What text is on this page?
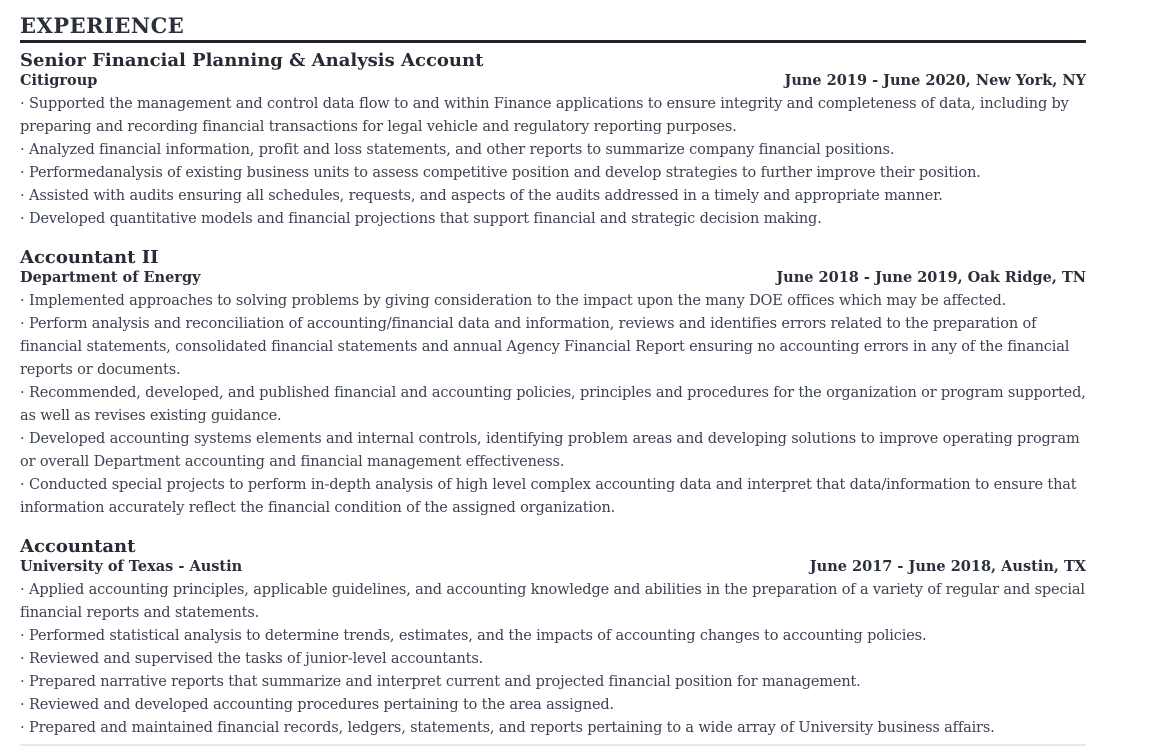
EXPERIENCE
Senior Financial Planning & Analysis Account
Citigroup	June 2019 - June 2020, New York, NY
· Supported the management and control data flow to and within Finance applications to ensure integrity and completeness of data, including by preparing and recording financial transactions for legal vehicle and regulatory reporting purposes.
· Analyzed financial information, profit and loss statements, and other reports to summarize company financial positions.
· Performedanalysis of existing business units to assess competitive position and develop strategies to further improve their position.
· Assisted with audits ensuring all schedules, requests, and aspects of the audits addressed in a timely and appropriate manner.
· Developed quantitative models and financial projections that support financial and strategic decision making.
Accountant II
Department of Energy	June 2018 - June 2019, Oak Ridge, TN
· Implemented approaches to solving problems by giving consideration to the impact upon the many DOE offices which may be affected.
· Perform analysis and reconciliation of accounting/financial data and information, reviews and identifies errors related to the preparation of financial statements, consolidated financial statements and annual Agency Financial Report ensuring no accounting errors in any of the financial reports or documents.
· Recommended, developed, and published financial and accounting policies, principles and procedures for the organization or program supported, as well as revises existing guidance.
· Developed accounting systems elements and internal controls, identifying problem areas and developing solutions to improve operating program or overall Department accounting and financial management effectiveness.
· Conducted special projects to perform in-depth analysis of high level complex accounting data and interpret that data/information to ensure that information accurately reflect the financial condition of the assigned organization.
Accountant
University of Texas - Austin	June 2017 - June 2018, Austin, TX
· Applied accounting principles, applicable guidelines, and accounting knowledge and abilities in the preparation of a variety of regular and special financial reports and statements.
· Performed statistical analysis to determine trends, estimates, and the impacts of accounting changes to accounting policies.
· Reviewed and supervised the tasks of junior-level accountants.
· Prepared narrative reports that summarize and interpret current and projected financial position for management.
· Reviewed and developed accounting procedures pertaining to the area assigned.
· Prepared and maintained financial records, ledgers, statements, and reports pertaining to a wide array of University business affairs.
